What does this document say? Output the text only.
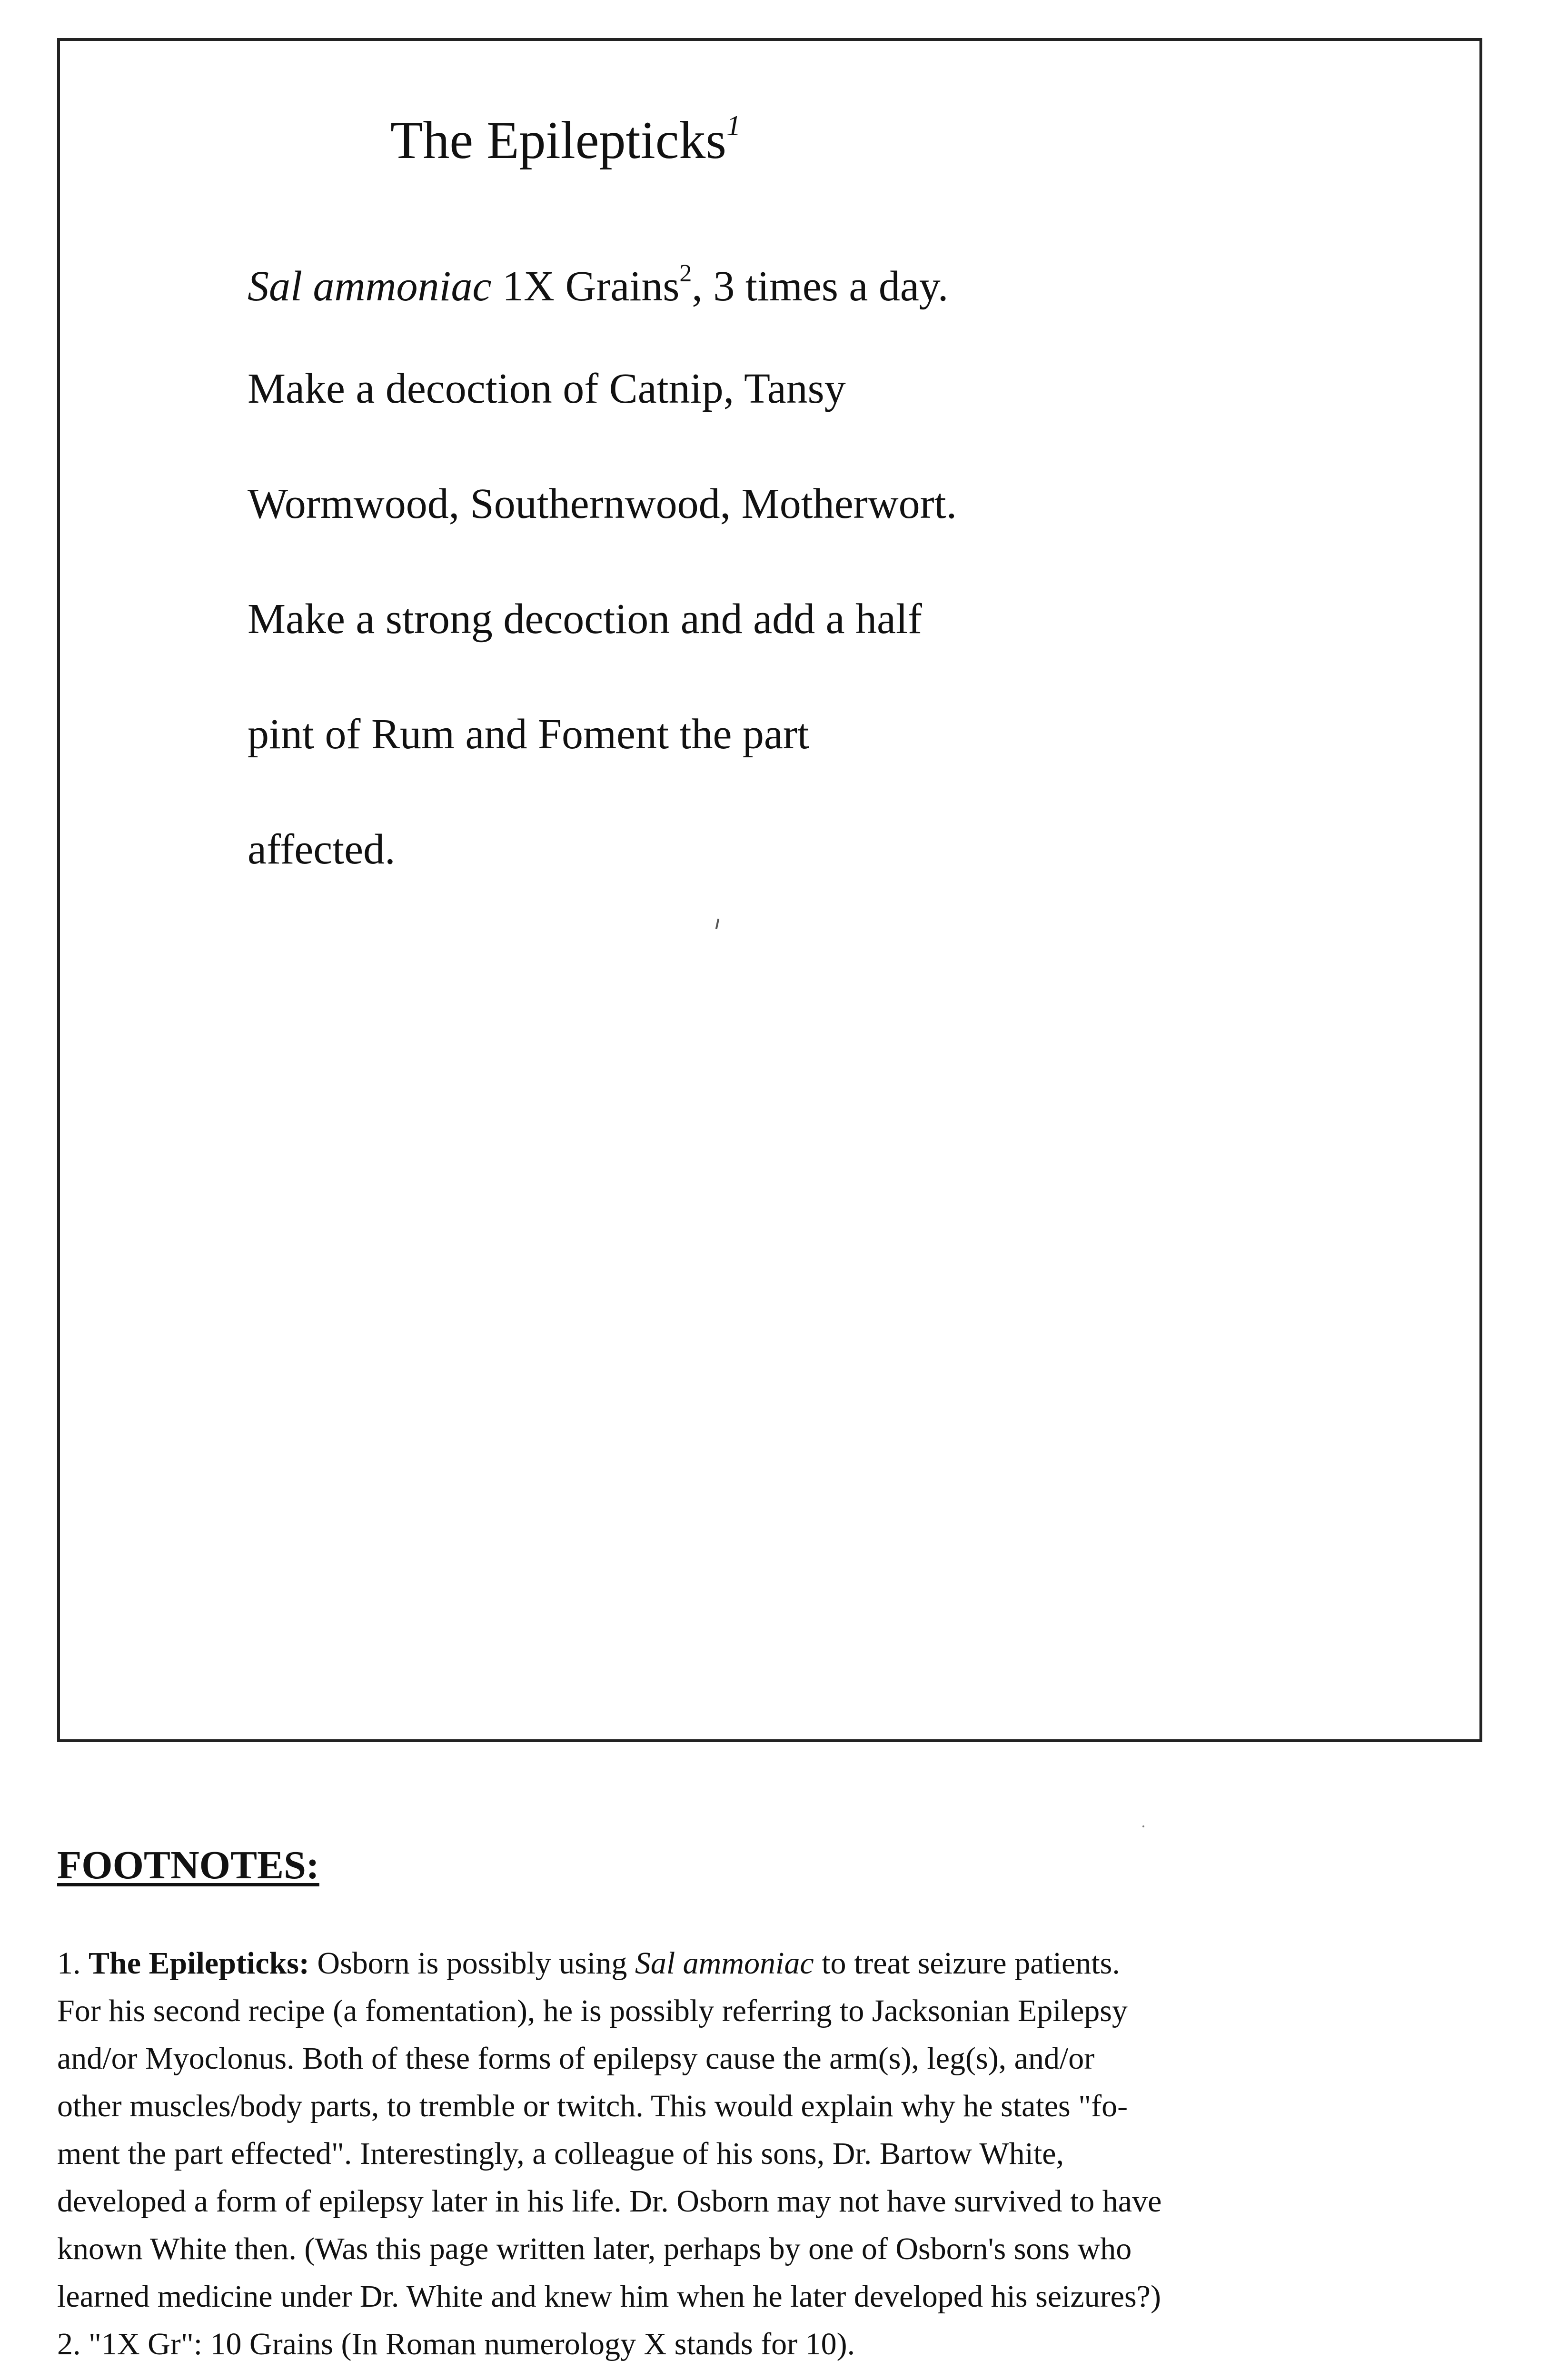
The Epilepticks$^1$

Sal ammoniac 1X Grains$^2$, 3 times a day.

Make a decoction of Catnip, Tansy

Wormwood, Southernwood, Motherwort.

Make a strong decoction and add a half

pint of Rum and Foment the part

affected.

FOOTNOTES:

1. The Epilepticks: Osborn is possibly using Sal ammoniac to treat seizure patients.

For his second recipe (a fomentation), he is possibly referring to Jacksonian Epilepsy

and/or Myoclonus. Both of these forms of epilepsy cause the arm(s), leg(s), and/or

other muscles/body parts, to tremble or twitch. This would explain why he states "fo-

ment the part effected". Interestingly, a colleague of his sons, Dr. Bartow White,

developed a form of epilepsy later in his life. Dr. Osborn may not have survived to have

known White then. (Was this page written later, perhaps by one of Osborn's sons who

learned medicine under Dr. White and knew him when he later developed his seizures?)

2. "1X Gr": 10 Grains (In Roman numerology X stands for 10).
